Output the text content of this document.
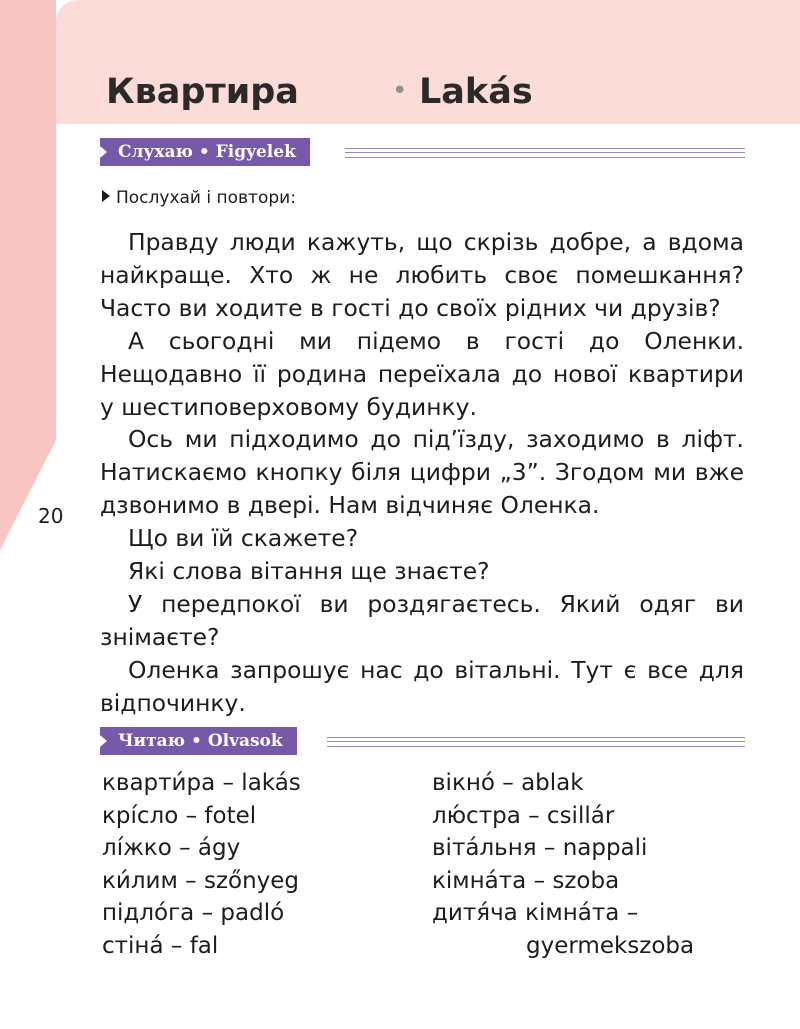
Квартира	• Lakás
Слухаю • Figyelek
Послухай і повтори:

Правду люди кажуть, що скрізь добре, а вдома найкраще. Хто ж не любить своє помешкання? Часто ви ходите в гості до своїх рідних чи друзів?

А сьогодні ми підемо в гості до Оленки. Нещодавно її родина переїхала до нової квартири у шестиповерховому будинку.

Ось ми підходимо до під’їзду, заходимо в ліфт. Натискаємо кнопку біля цифри „3”. Згодом ми вже дзвонимо в двері. Нам відчиняє Оленка.

Що ви їй скажете?

Які слова вітання ще знаєте?

У передпокої ви роздягаєтесь. Який одяг ви знімаєте?

Оленка запрошує нас до вітальні. Тут є все для відпочинку.

20
Читаю • Olvasok
кварти́ра – lakás
крі́сло – fotel
лі́жко – ágy
ки́лим – szőnyeg
підло́га – padló
стіна́ – fal
вікно́ – ablak
лю́стра – csillár
віта́льня – nappali
кімна́та – szoba
дитя́ча кімна́та –
gyermekszoba
